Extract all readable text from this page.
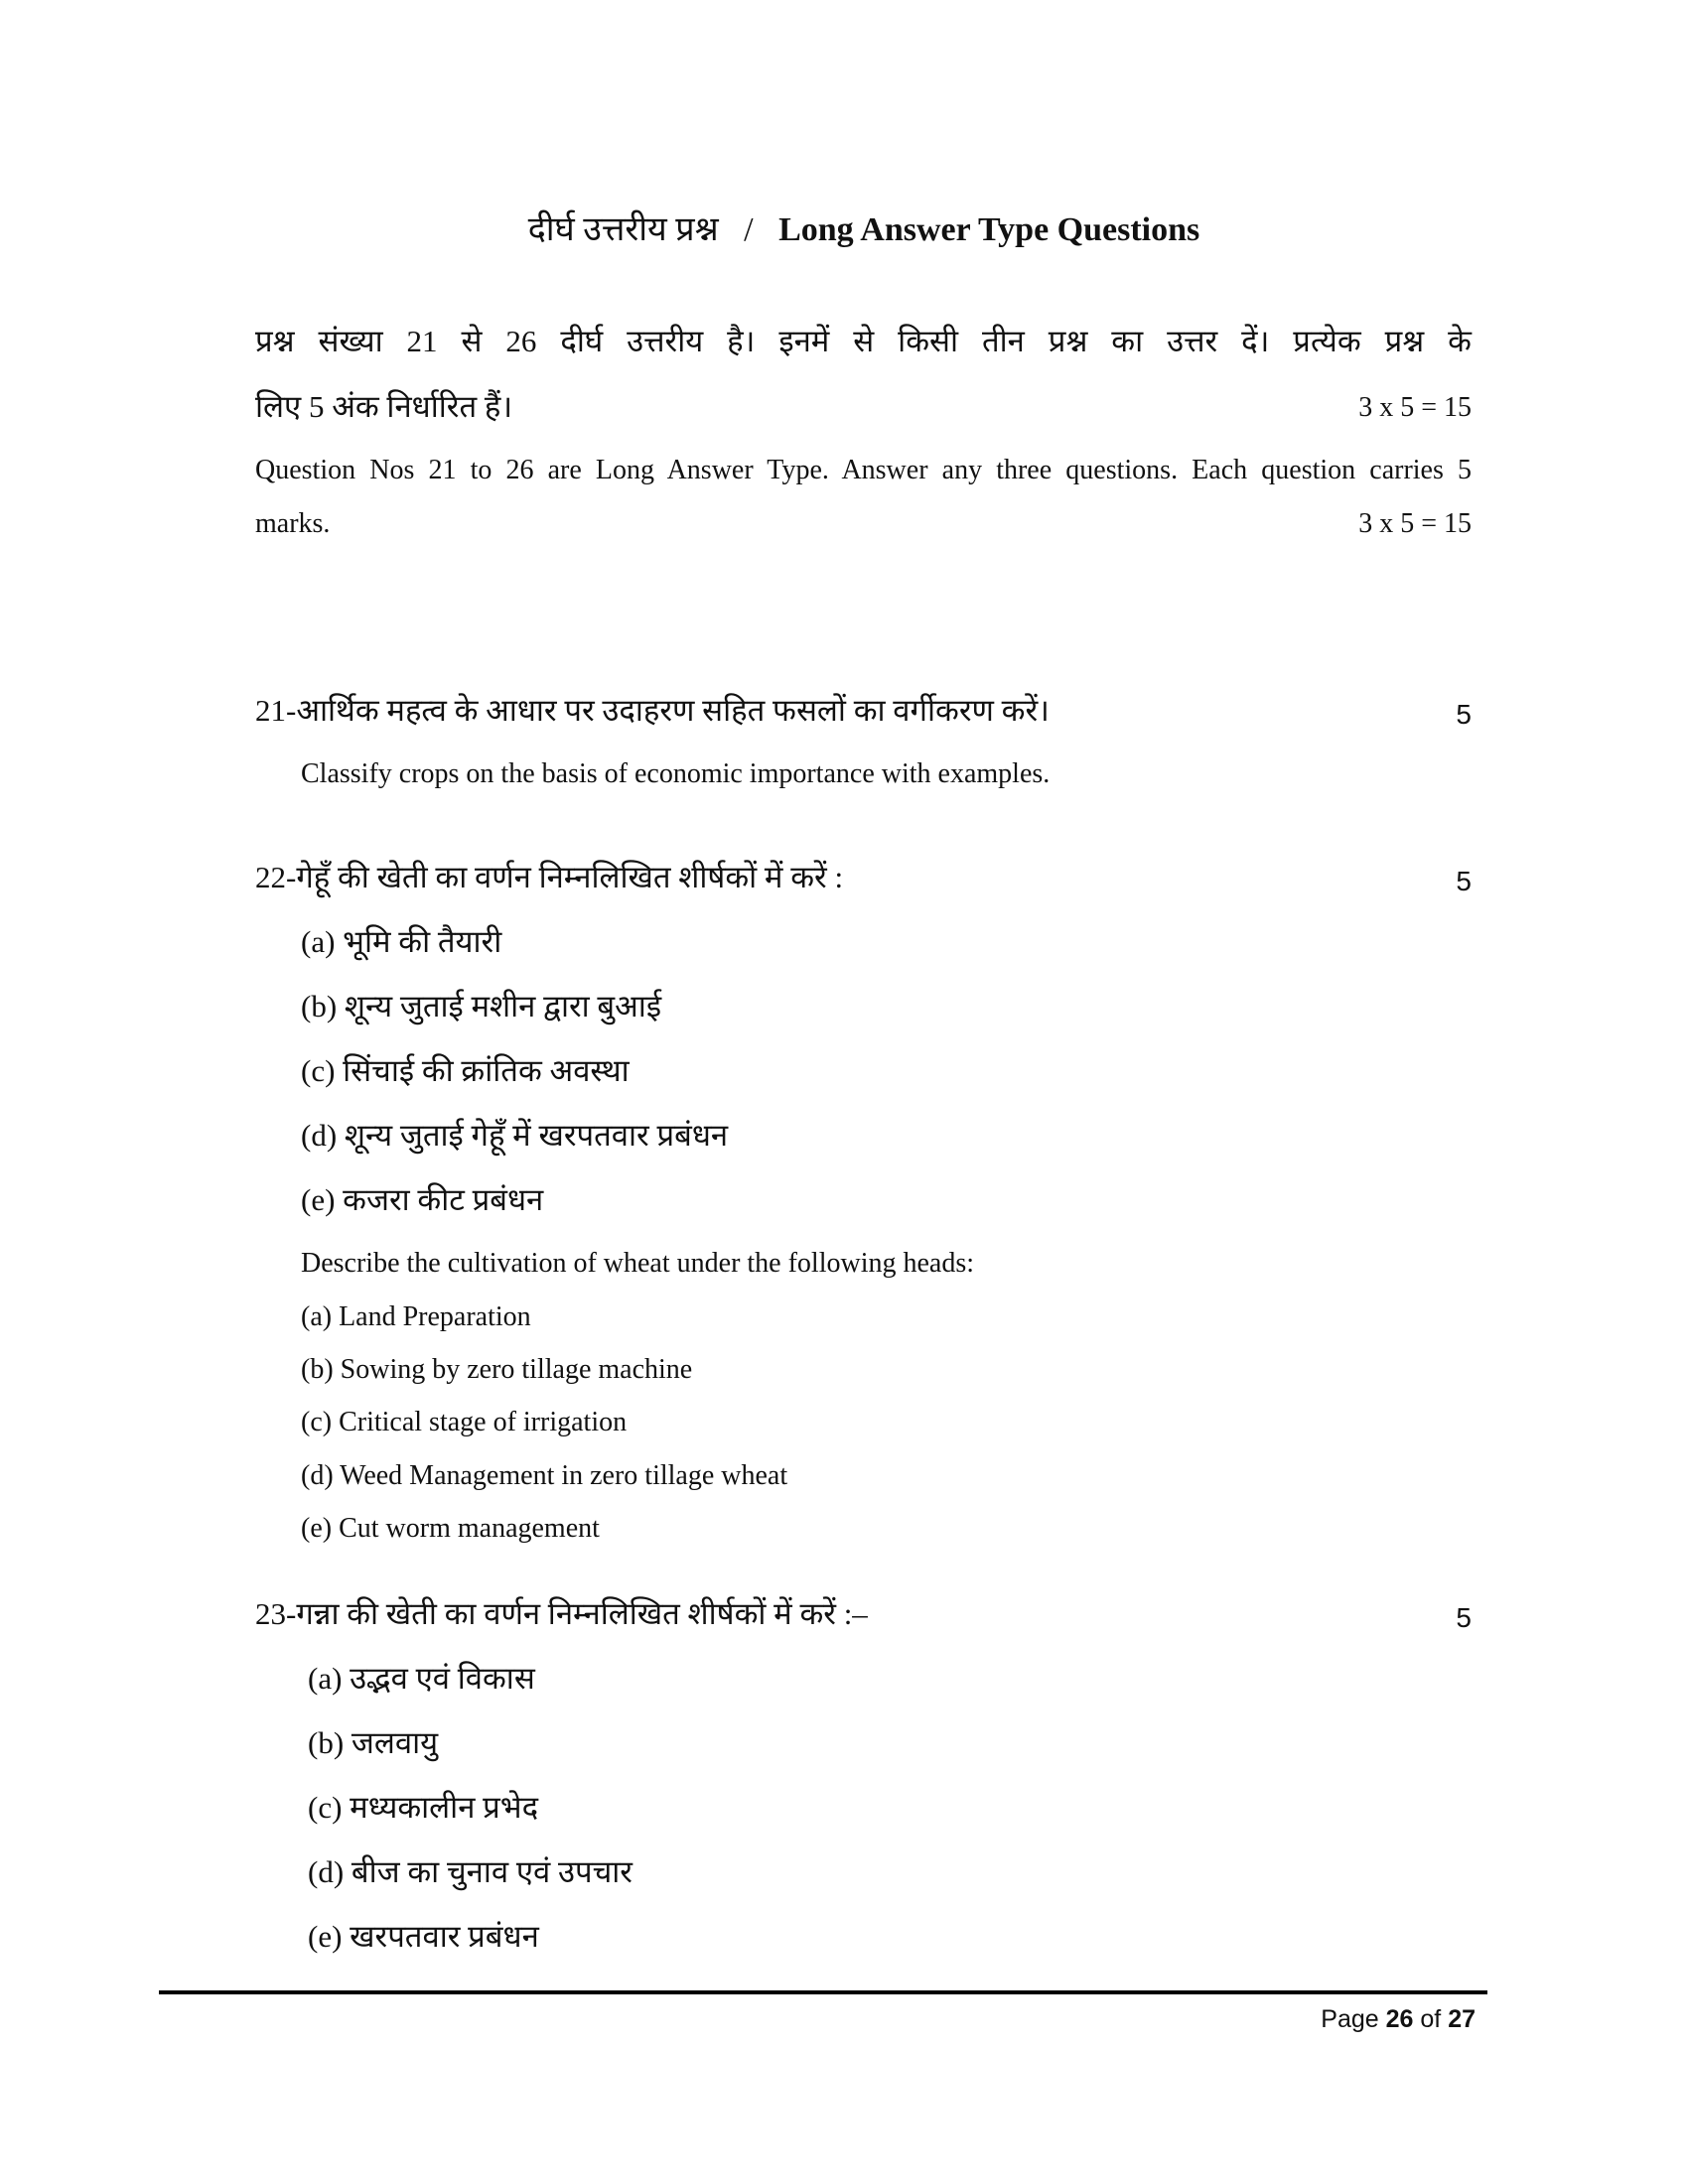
दीर्घ उत्तरीय प्रश्न / Long Answer Type Questions
प्रश्न संख्या 21 से 26 दीर्घ उत्तरीय है। इनमें से किसी तीन प्रश्न का उत्तर दें। प्रत्येक प्रश्न के
लिए 5 अंक निर्धारित हैं।	3 x 5 = 15
Question Nos 21 to 26 are Long Answer Type. Answer any three questions. Each question carries 5
marks.	3 x 5 = 15
21-आर्थिक महत्व के आधार पर उदाहरण सहित फसलों का वर्गीकरण करें।	5
Classify crops on the basis of economic importance with examples.
22-गेहूँ की खेती का वर्णन निम्नलिखित शीर्षकों में करें :	5
(a) भूमि की तैयारी
(b) शून्य जुताई मशीन द्वारा बुआई
(c) सिंचाई की क्रांतिक अवस्था
(d) शून्य जुताई गेहूँ में खरपतवार प्रबंधन
(e) कजरा कीट प्रबंधन
Describe the cultivation of wheat under the following heads:
(a) Land Preparation
(b) Sowing by zero tillage machine
(c) Critical stage of irrigation
(d) Weed Management in zero tillage wheat
(e) Cut worm management
23-गन्ना की खेती का वर्णन निम्नलिखित शीर्षकों में करें :–	5
(a) उद्भव एवं विकास
(b) जलवायु
(c) मध्यकालीन प्रभेद
(d) बीज का चुनाव एवं उपचार
(e) खरपतवार प्रबंधन
Page 26 of 27
